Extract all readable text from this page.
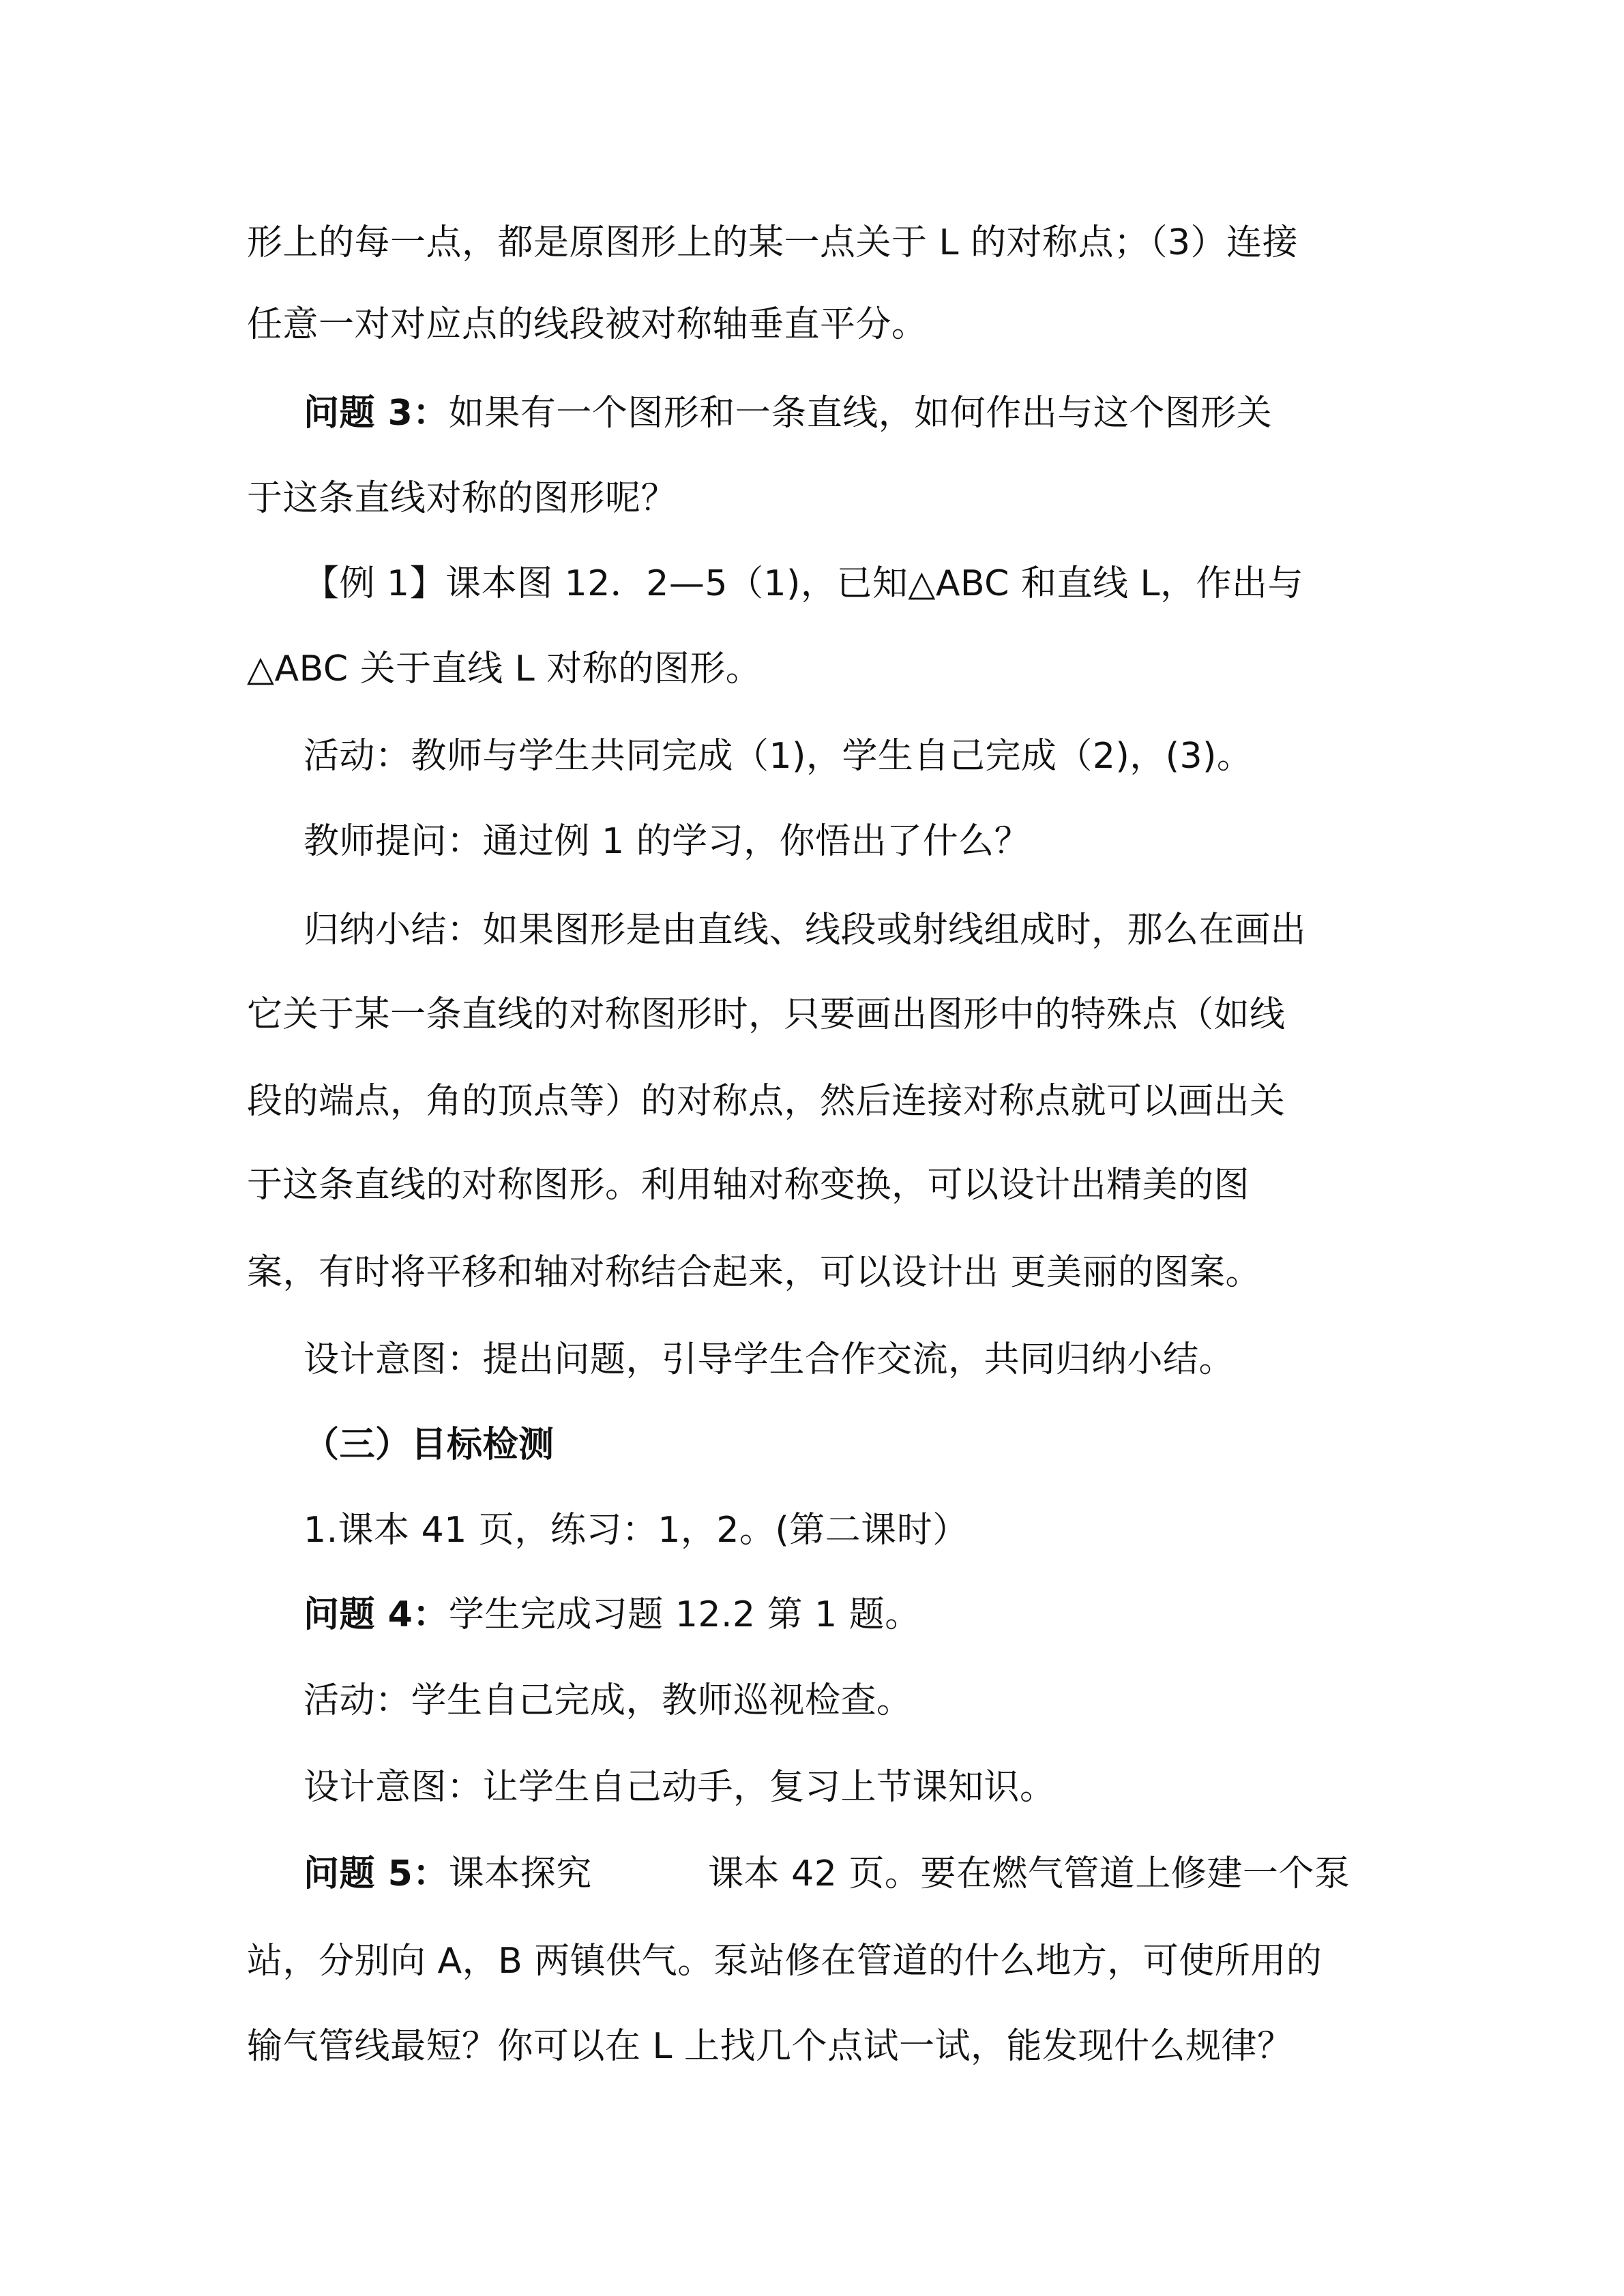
形上的每一点，都是原图形上的某一点关于 L 的对称点；（3）连接

任意一对对应点的线段被对称轴垂直平分。

问题 3：如果有一个图形和一条直线，如何作出与这个图形关

于这条直线对称的图形呢？

【例 1】课本图 12．2—5（1)，已知△ABC 和直线 L，作出与

△ABC 关于直线 L 对称的图形。

活动：教师与学生共同完成（1)，学生自己完成（2)，(3)。

教师提问：通过例 1 的学习，你悟出了什么？

归纳小结：如果图形是由直线、线段或射线组成时，那么在画出

它关于某一条直线的对称图形时，只要画出图形中的特殊点（如线

段的端点，角的顶点等）的对称点，然后连接对称点就可以画出关

于这条直线的对称图形。利用轴对称变换，可以设计出精美的图

案，有时将平移和轴对称结合起来，可以设计出 更美丽的图案。

设计意图：提出问题，引导学生合作交流，共同归纳小结。

（三）目标检测

1.课本 41 页，练习：1，2。(第二课时）

问题 4：学生完成习题 12.2 第 1 题。

活动：学生自己完成，教师巡视检查。

设计意图：让学生自己动手，复习上节课知识。

问题 5：课本探究          课本 42 页。要在燃气管道上修建一个泵

站，分别向 A，B 两镇供气。泵站修在管道的什么地方，可使所用的

输气管线最短？你可以在 L 上找几个点试一试，能发现什么规律？
